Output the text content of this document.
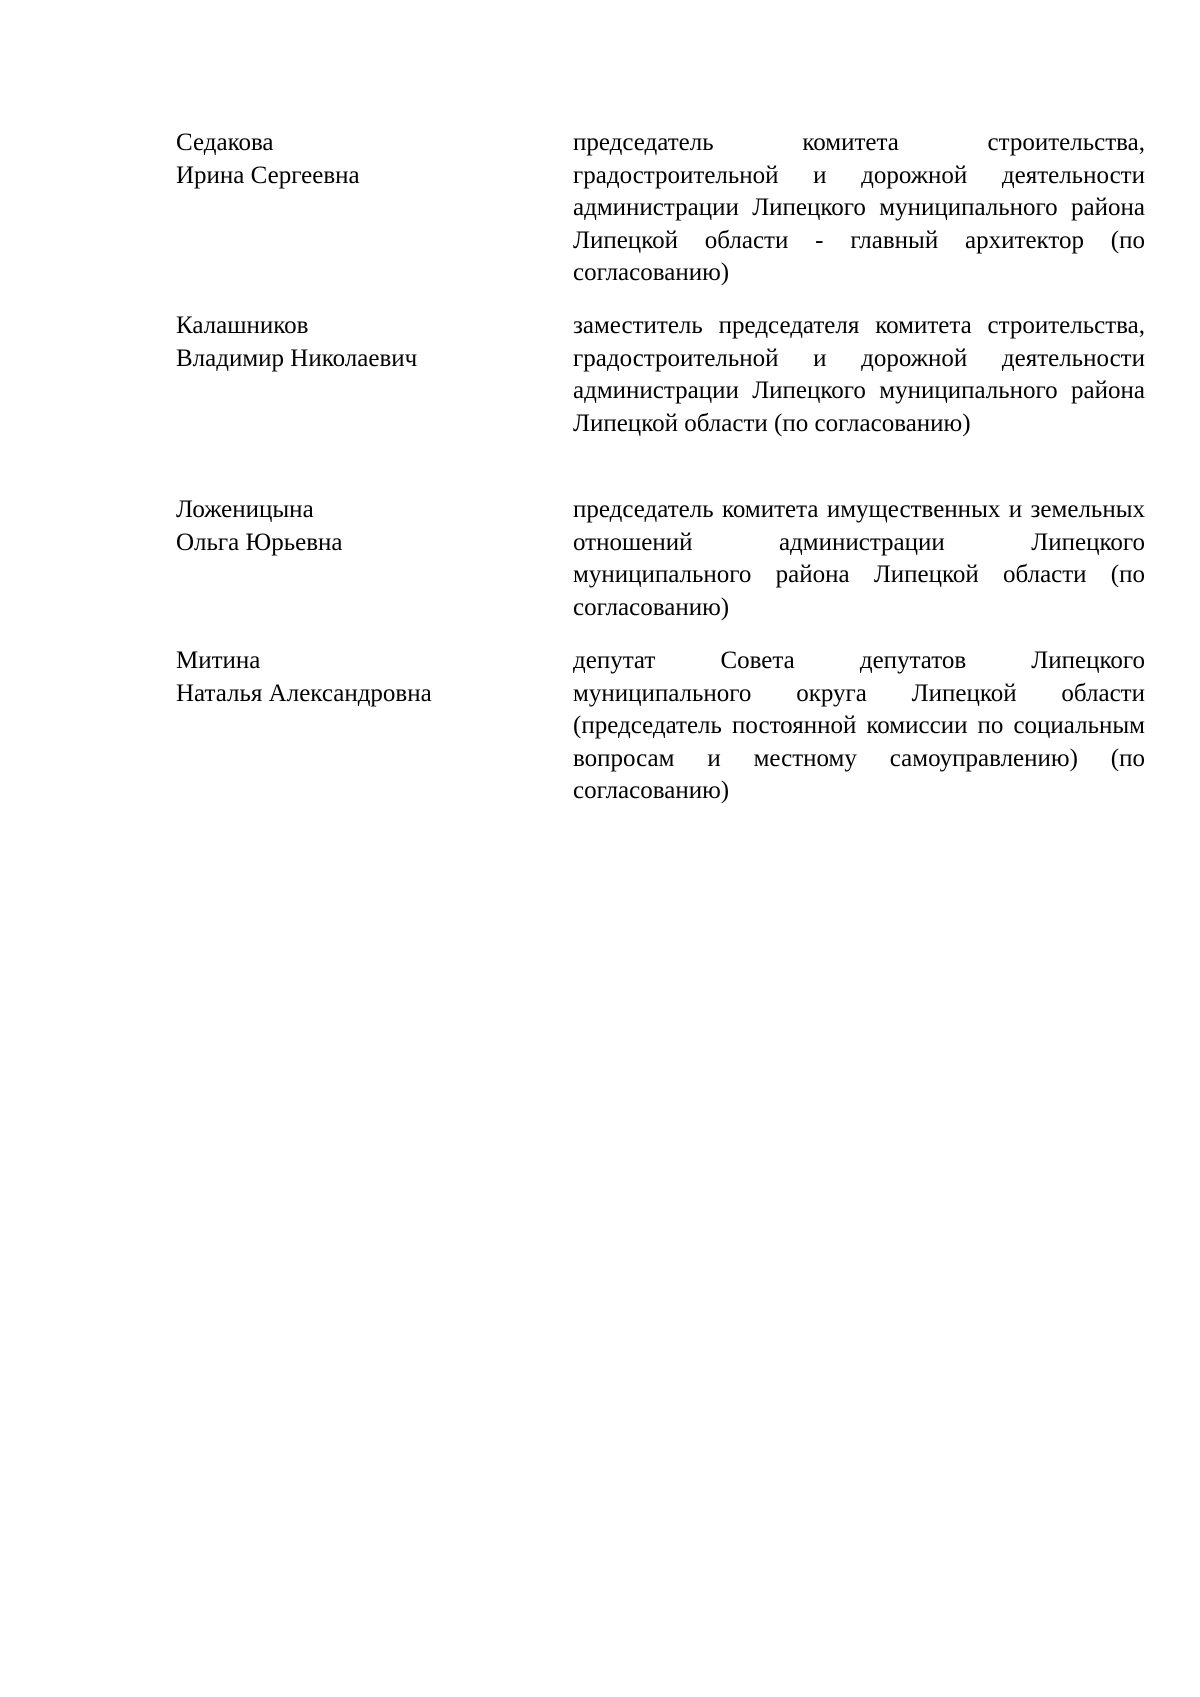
Седакова
Ирина Сергеевна
председатель комитета строительства, градостроительной и дорожной деятельности администрации Липецкого муниципального района Липецкой области - главный архитектор (по согласованию)
Калашников
Владимир Николаевич
заместитель председателя комитета строительства, градостроительной и дорожной деятельности администрации Липецкого муниципального района Липецкой области (по согласованию)
Ложеницына
Ольга Юрьевна
председатель комитета имущественных и земельных отношений администрации Липецкого муниципального района Липецкой области (по согласованию)
Митина
Наталья Александровна
депутат Совета депутатов Липецкого муниципального округа Липецкой области (председатель постоянной комиссии по социальным вопросам и местному самоуправлению) (по согласованию)
